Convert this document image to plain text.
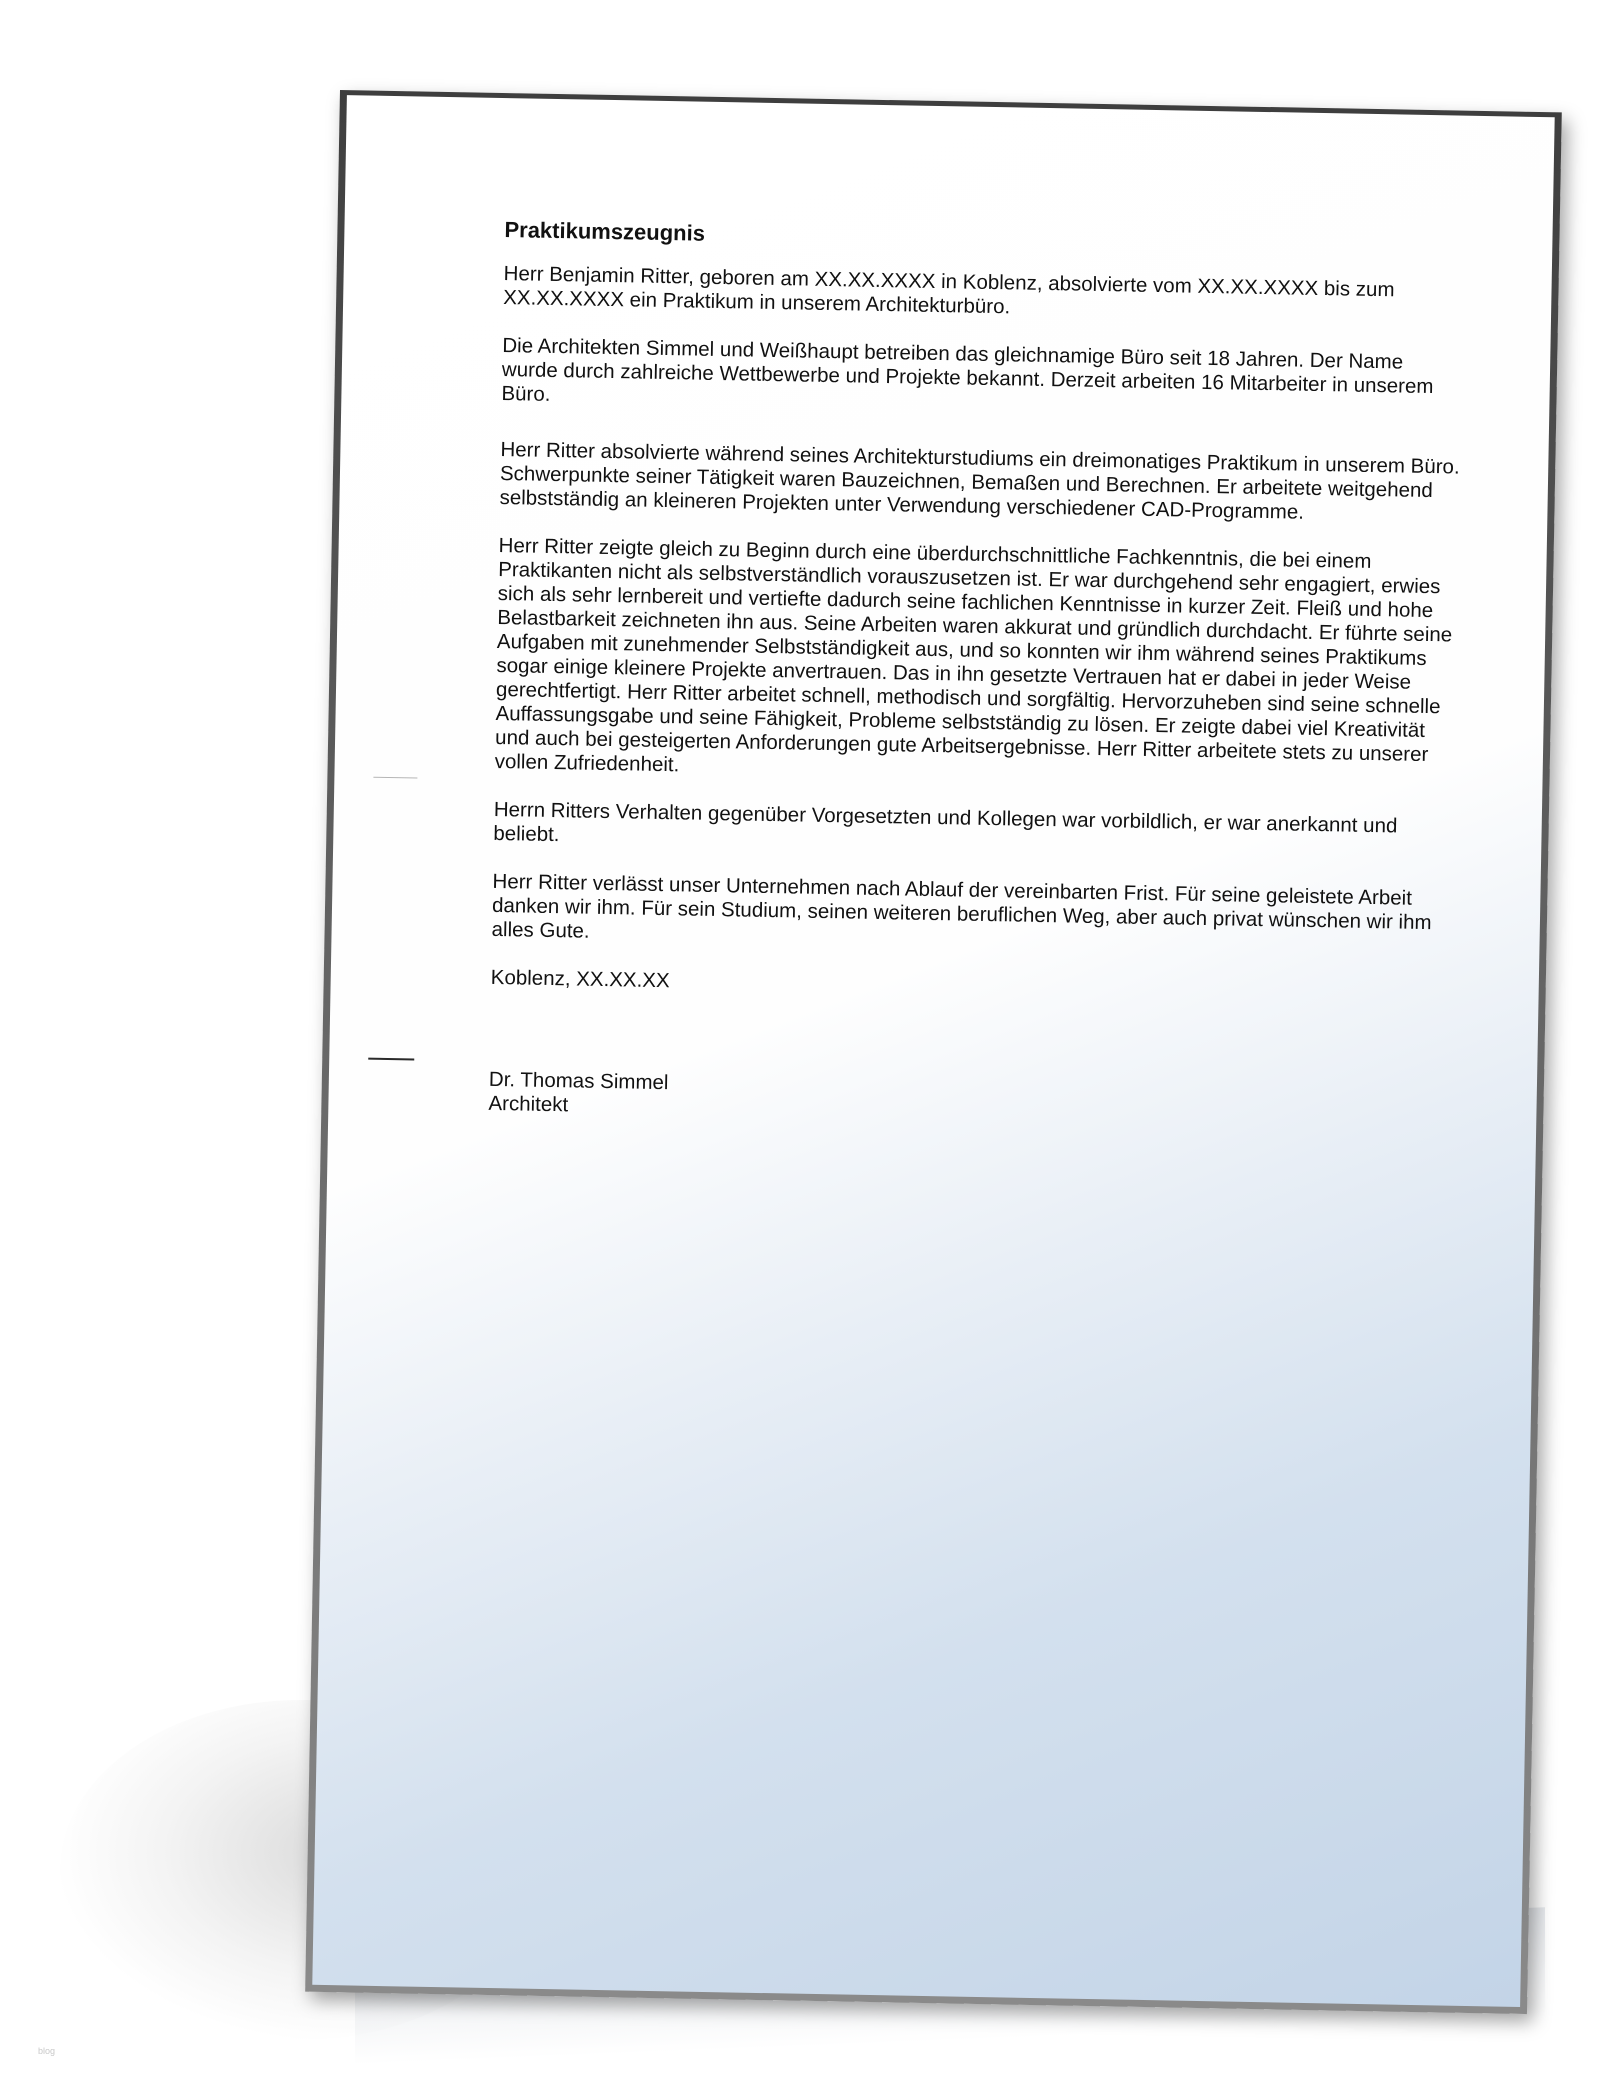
Praktikumszeugnis

Herr Benjamin Ritter, geboren am XX.XX.XXXX in Koblenz, absolvierte vom XX.XX.XXXX bis zum XX.XX.XXXX ein Praktikum in unserem Architekturbüro.

Die Architekten Simmel und Weißhaupt betreiben das gleichnamige Büro seit 18 Jahren. Der Name wurde durch zahlreiche Wettbewerbe und Projekte bekannt. Derzeit arbeiten 16 Mitarbeiter in unserem Büro.

Herr Ritter absolvierte während seines Architekturstudiums ein dreimonatiges Praktikum in unserem Büro. Schwerpunkte seiner Tätigkeit waren Bauzeichnen, Bemaßen und Berechnen. Er arbeitete weitgehend selbstständig an kleineren Projekten unter Verwendung verschiedener CAD-Programme.

Herr Ritter zeigte gleich zu Beginn durch eine überdurchschnittliche Fachkenntnis, die bei einem Praktikanten nicht als selbstverständlich vorauszusetzen ist. Er war durchgehend sehr engagiert, erwies sich als sehr lernbereit und vertiefte dadurch seine fachlichen Kenntnisse in kurzer Zeit. Fleiß und hohe Belastbarkeit zeichneten ihn aus. Seine Arbeiten waren akkurat und gründlich durchdacht. Er führte seine Aufgaben mit zunehmender Selbstständigkeit aus, und so konnten wir ihm während seines Praktikums sogar einige kleinere Projekte anvertrauen. Das in ihn gesetzte Vertrauen hat er dabei in jeder Weise gerechtfertigt. Herr Ritter arbeitet schnell, methodisch und sorgfältig. Hervorzuheben sind seine schnelle Auffassungsgabe und seine Fähigkeit, Probleme selbstständig zu lösen. Er zeigte dabei viel Kreativität und auch bei gesteigerten Anforderungen gute Arbeitsergebnisse. Herr Ritter arbeitete stets zu unserer vollen Zufriedenheit.

Herrn Ritters Verhalten gegenüber Vorgesetzten und Kollegen war vorbildlich, er war anerkannt und beliebt.

Herr Ritter verlässt unser Unternehmen nach Ablauf der vereinbarten Frist. Für seine geleistete Arbeit danken wir ihm. Für sein Studium, seinen weiteren beruflichen Weg, aber auch privat wünschen wir ihm alles Gute.

Koblenz, XX.XX.XX

Dr. Thomas Simmel

Architekt

blog
